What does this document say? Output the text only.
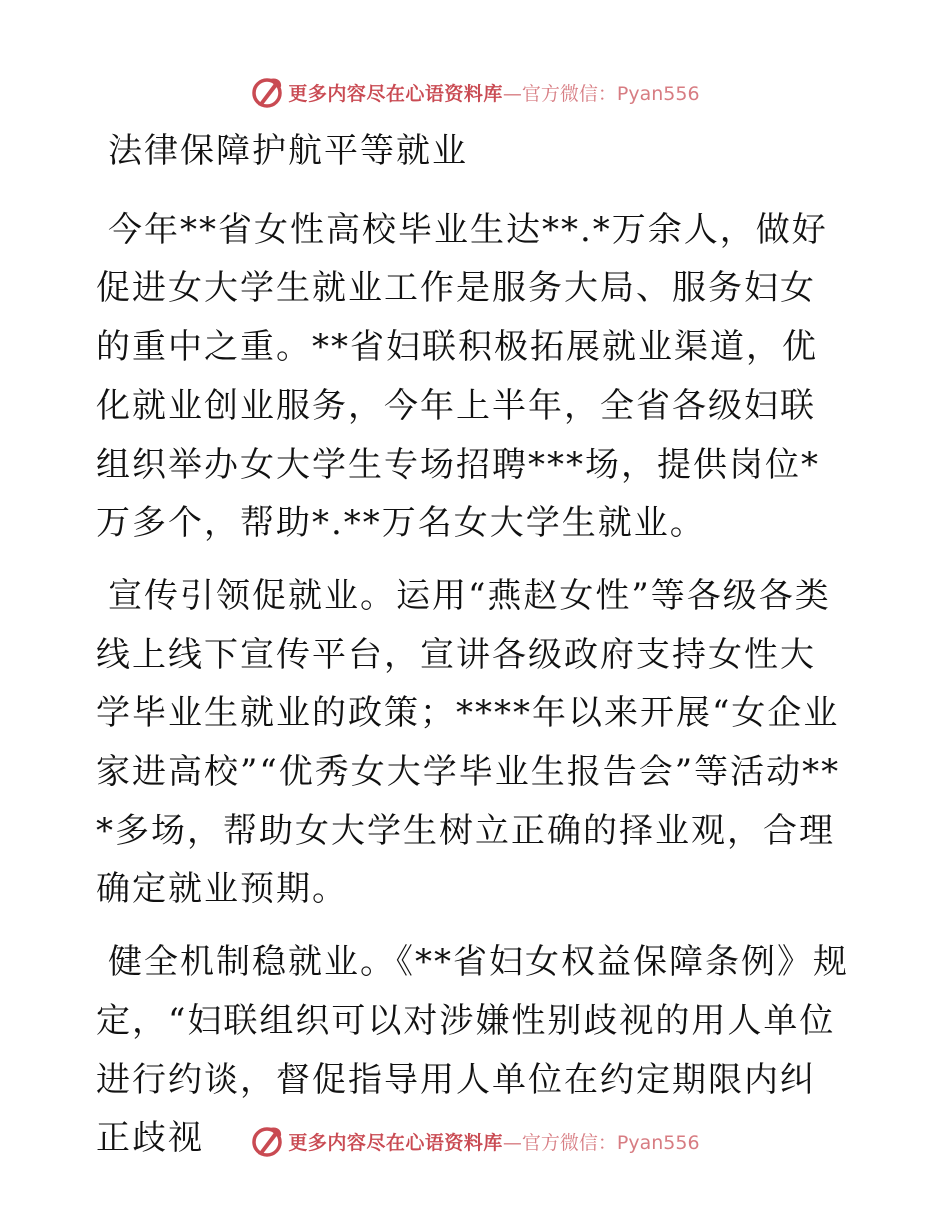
更多内容尽在心语资料库 —官方微信：Pyan556

法律保障护航平等就业

今年**省女性高校毕业生达**.*万余人，做好促进女大学生就业工作是服务大局、服务妇女的重中之重。**省妇联积极拓展就业渠道，优化就业创业服务，今年上半年，全省各级妇联组织举办女大学生专场招聘***场，提供岗位*万多个，帮助*.**万名女大学生就业。

宣传引领促就业。运用“燕赵女性”等各级各类线上线下宣传平台，宣讲各级政府支持女性大学毕业生就业的政策；****年以来开展“女企业家进高校”“优秀女大学毕业生报告会”等活动***多场，帮助女大学生树立正确的择业观，合理确定就业预期。

健全机制稳就业。《**省妇女权益保障条例》规定，“妇联组织可以对涉嫌性别歧视的用人单位进行约谈，督促指导用人单位在约定期限内纠正歧视	更多内容尽在心语资料库 —官方微信：Pyan556
